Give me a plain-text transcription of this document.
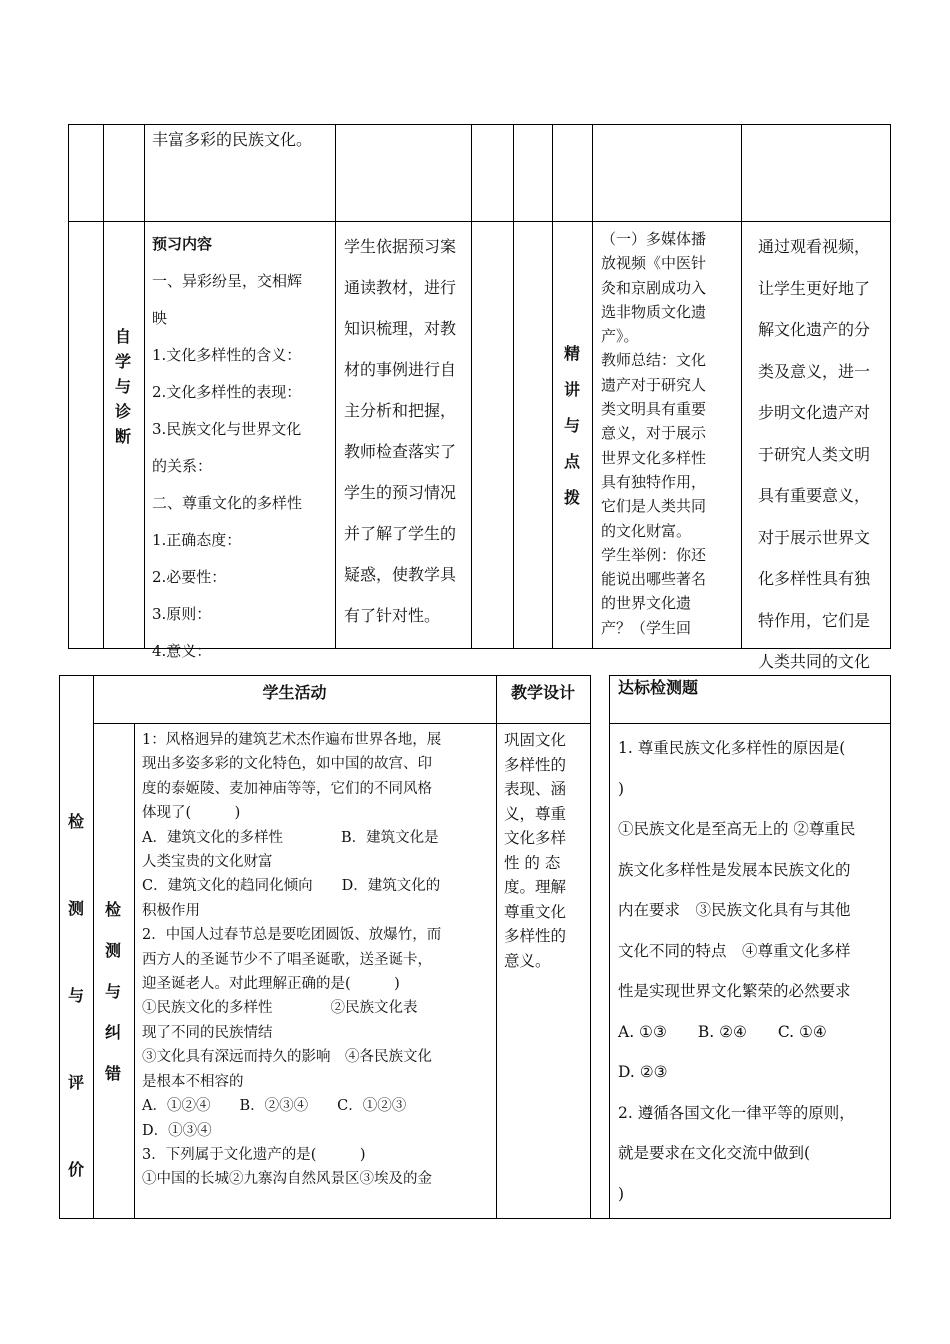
丰富多彩的民族文化。
自
学
与
诊
断

预习内容

一、异彩纷呈，交相辉

映

1.文化多样性的含义：

2.文化多样性的表现：

3.民族文化与世界文化

的关系：

二、尊重文化的多样性

1.正确态度：

2.必要性：

3.原则：

4.意义：

学生依据预习案

通读教材，进行

知识梳理，对教

材的事例进行自

主分析和把握，

教师检查落实了

学生的预习情况

并了解了学生的

疑惑，使教学具

有了针对性。

精
讲
与
点
拨

（一）多媒体播

放视频《中医针

灸和京剧成功入

选非物质文化遗

产》。

教师总结：文化

遗产对于研究人

类文明具有重要

意义，对于展示

世界文化多样性

具有独特作用，

它们是人类共同

的文化财富。

学生举例：你还

能说出哪些著名

的世界文化遗

产？（学生回

通过观看视频，

让学生更好地了

解文化遗产的分

类及意义，进一

步明文化遗产对

于研究人类文明

具有重要意义，

对于展示世界文

化多样性具有独

特作用，它们是

人类共同的文化

检
测
与
评
价
检
测
与
纠
错
学生活动	教学设计	达标检测题

1：风格迥异的建筑艺术杰作遍布世界各地，展

现出多姿多彩的文化特色，如中国的故宫、印

度的泰姬陵、麦加神庙等等，它们的不同风格

体现了(　　　)

A．建筑文化的多样性　　　　B．建筑文化是

人类宝贵的文化财富

C．建筑文化的趋同化倾向　　D．建筑文化的

积极作用

2．中国人过春节总是要吃团圆饭、放爆竹，而

西方人的圣诞节少不了唱圣诞歌，送圣诞卡，

迎圣诞老人。对此理解正确的是(　　　)

①民族文化的多样性　　　　②民族文化表

现了不同的民族情结

③文化具有深远而持久的影响　④各民族文化

是根本不相容的

A．①②④　　B．②③④　　C．①②③

D．①③④

3．下列属于文化遗产的是(　　　)

①中国的长城②九寨沟自然风景区③埃及的金

巩固文化

多样性的

表现、涵

义，尊重

文化多样

性 的 态

度。理解

尊重文化

多样性的

意义。

1. 尊重民族文化多样性的原因是(

)

①民族文化是至高无上的 ②尊重民

族文化多样性是发展本民族文化的

内在要求　③民族文化具有与其他

文化不同的特点　④尊重文化多样

性是实现世界文化繁荣的必然要求

A. ①③　　B. ②④　　C. ①④

D. ②③

2. 遵循各国文化一律平等的原则，

就是要求在文化交流中做到(

)
